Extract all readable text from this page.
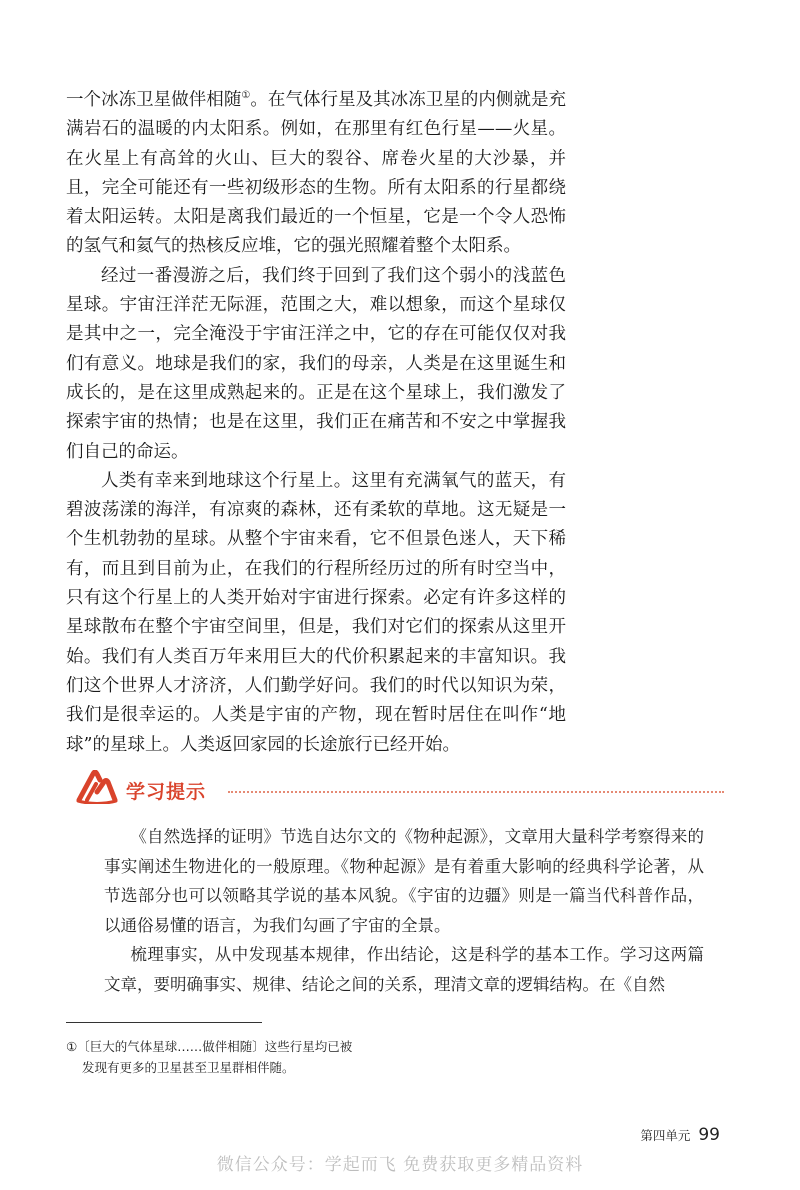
一个冰冻卫星做伴相随①。在气体行星及其冰冻卫星的内侧就是充满岩石的温暖的内太阳系。例如，在那里有红色行星——火星。在火星上有高耸的火山、巨大的裂谷、席卷火星的大沙暴，并且，完全可能还有一些初级形态的生物。所有太阳系的行星都绕着太阳运转。太阳是离我们最近的一个恒星，它是一个令人恐怖的氢气和氦气的热核反应堆，它的强光照耀着整个太阳系。

经过一番漫游之后，我们终于回到了我们这个弱小的浅蓝色星球。宇宙汪洋茫无际涯，范围之大，难以想象，而这个星球仅是其中之一，完全淹没于宇宙汪洋之中，它的存在可能仅仅对我们有意义。地球是我们的家，我们的母亲，人类是在这里诞生和成长的，是在这里成熟起来的。正是在这个星球上，我们激发了探索宇宙的热情；也是在这里，我们正在痛苦和不安之中掌握我们自己的命运。

人类有幸来到地球这个行星上。这里有充满氧气的蓝天，有碧波荡漾的海洋，有凉爽的森林，还有柔软的草地。这无疑是一个生机勃勃的星球。从整个宇宙来看，它不但景色迷人，天下稀有，而且到目前为止，在我们的行程所经历过的所有时空当中，只有这个行星上的人类开始对宇宙进行探索。必定有许多这样的星球散布在整个宇宙空间里，但是，我们对它们的探索从这里开始。我们有人类百万年来用巨大的代价积累起来的丰富知识。我们这个世界人才济济，人们勤学好问。我们的时代以知识为荣，我们是很幸运的。人类是宇宙的产物，现在暂时居住在叫作“地球”的星球上。人类返回家园的长途旅行已经开始。

学习提示

《自然选择的证明》节选自达尔文的《物种起源》，文章用大量科学考察得来的事实阐述生物进化的一般原理。《物种起源》是有着重大影响的经典科学论著，从节选部分也可以领略其学说的基本风貌。《宇宙的边疆》则是一篇当代科普作品，以通俗易懂的语言，为我们勾画了宇宙的全景。

梳理事实，从中发现基本规律，作出结论，这是科学的基本工作。学习这两篇文章，要明确事实、规律、结论之间的关系，理清文章的逻辑结构。在《自然

①〔巨大的气体星球……做伴相随〕这些行星均已被
发现有更多的卫星甚至卫星群相伴随。
第四单元 99
微信公众号：学起而飞 免费获取更多精品资料
